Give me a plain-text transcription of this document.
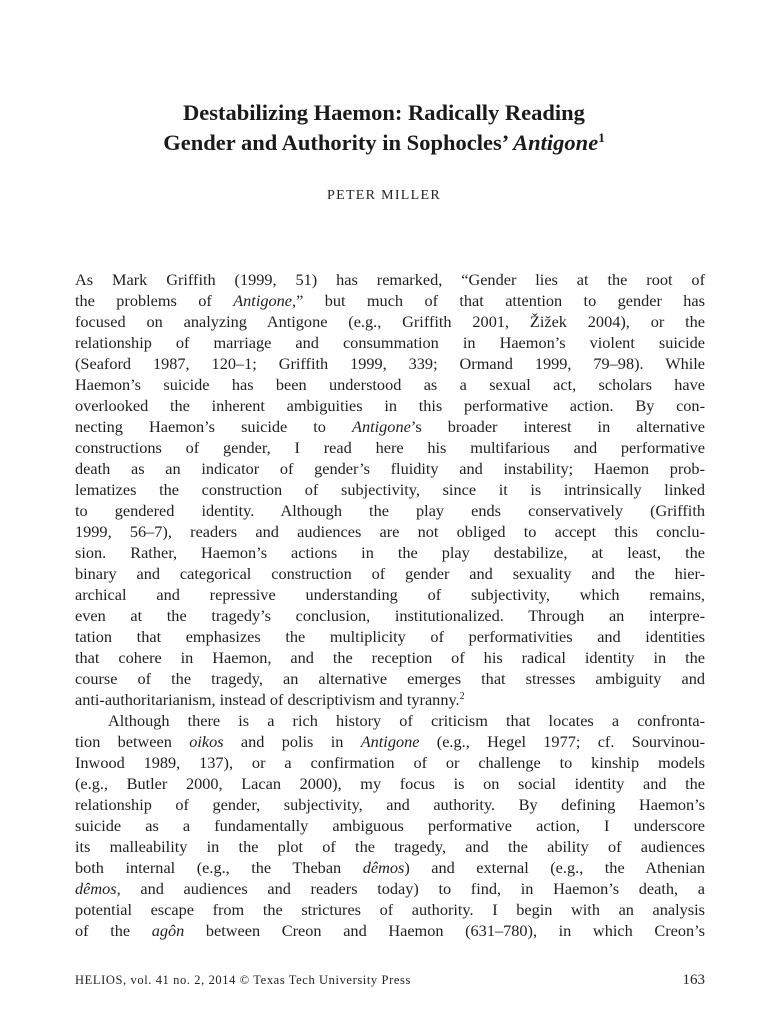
Destabilizing Haemon: Radically Reading
Gender and Authority in Sophocles’ Antigone$^1$
PETER MILLER
As Mark Griffith (1999, 51) has remarked, “Gender lies at the root of
the problems of Antigone,” but much of that attention to gender has
focused on analyzing Antigone (e.g., Griffith 2001, Žižek 2004), or the
relationship of marriage and consummation in Haemon’s violent suicide
(Seaford 1987, 120–1; Griffith 1999, 339; Ormand 1999, 79–98). While
Haemon’s suicide has been understood as a sexual act, scholars have
overlooked the inherent ambiguities in this performative action. By con-
necting Haemon’s suicide to Antigone’s broader interest in alternative
constructions of gender, I read here his multifarious and performative
death as an indicator of gender’s fluidity and instability; Haemon prob-
lematizes the construction of subjectivity, since it is intrinsically linked
to gendered identity. Although the play ends conservatively (Griffith
1999, 56–7), readers and audiences are not obliged to accept this conclu-
sion. Rather, Haemon’s actions in the play destabilize, at least, the
binary and categorical construction of gender and sexuality and the hier-
archical and repressive understanding of subjectivity, which remains,
even at the tragedy’s conclusion, institutionalized. Through an interpre-
tation that emphasizes the multiplicity of performativities and identities
that cohere in Haemon, and the reception of his radical identity in the
course of the tragedy, an alternative emerges that stresses ambiguity and
anti-authoritarianism, instead of descriptivism and tyranny.$^2$
Although there is a rich history of criticism that locates a confronta-
tion between oikos and polis in Antigone (e.g., Hegel 1977; cf. Sourvinou-
Inwood 1989, 137), or a confirmation of or challenge to kinship models
(e.g., Butler 2000, Lacan 2000), my focus is on social identity and the
relationship of gender, subjectivity, and authority. By defining Haemon’s
suicide as a fundamentally ambiguous performative action, I underscore
its malleability in the plot of the tragedy, and the ability of audiences
both internal (e.g., the Theban dêmos) and external (e.g., the Athenian
dêmos, and audiences and readers today) to find, in Haemon’s death, a
potential escape from the strictures of authority. I begin with an analysis
of the agôn between Creon and Haemon (631–780), in which Creon’s
HELIOS, vol. 41 no. 2, 2014 © Texas Tech University Press	163
